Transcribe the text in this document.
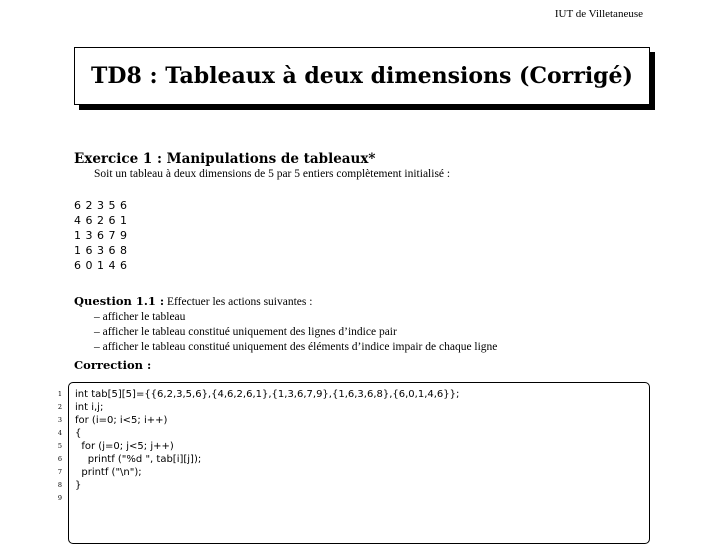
IUT de Villetaneuse
TD8 : Tableaux à deux dimensions (Corrigé)
Exercice 1 : Manipulations de tableaux*
Soit un tableau à deux dimensions de 5 par 5 entiers complètement initialisé :
6 2 3 5 6
4 6 2 6 1
1 3 6 7 9
1 6 3 6 8
6 0 1 4 6
Question 1.1 : Effectuer les actions suivantes :
– afficher le tableau
– afficher le tableau constitué uniquement des lignes d’indice pair
– afficher le tableau constitué uniquement des éléments d’indice impair de chaque ligne
Correction :
1
2
3
4
5
6
7
8
9
int tab[5][5]={{6,2,3,5,6},{4,6,2,6,1},{1,3,6,7,9},{1,6,3,6,8},{6,0,1,4,6}};
int i,j;
for (i=0; i<5; i++)
{
for (j=0; j<5; j++)
printf ("%d ", tab[i][j]);
printf ("\n");
}
